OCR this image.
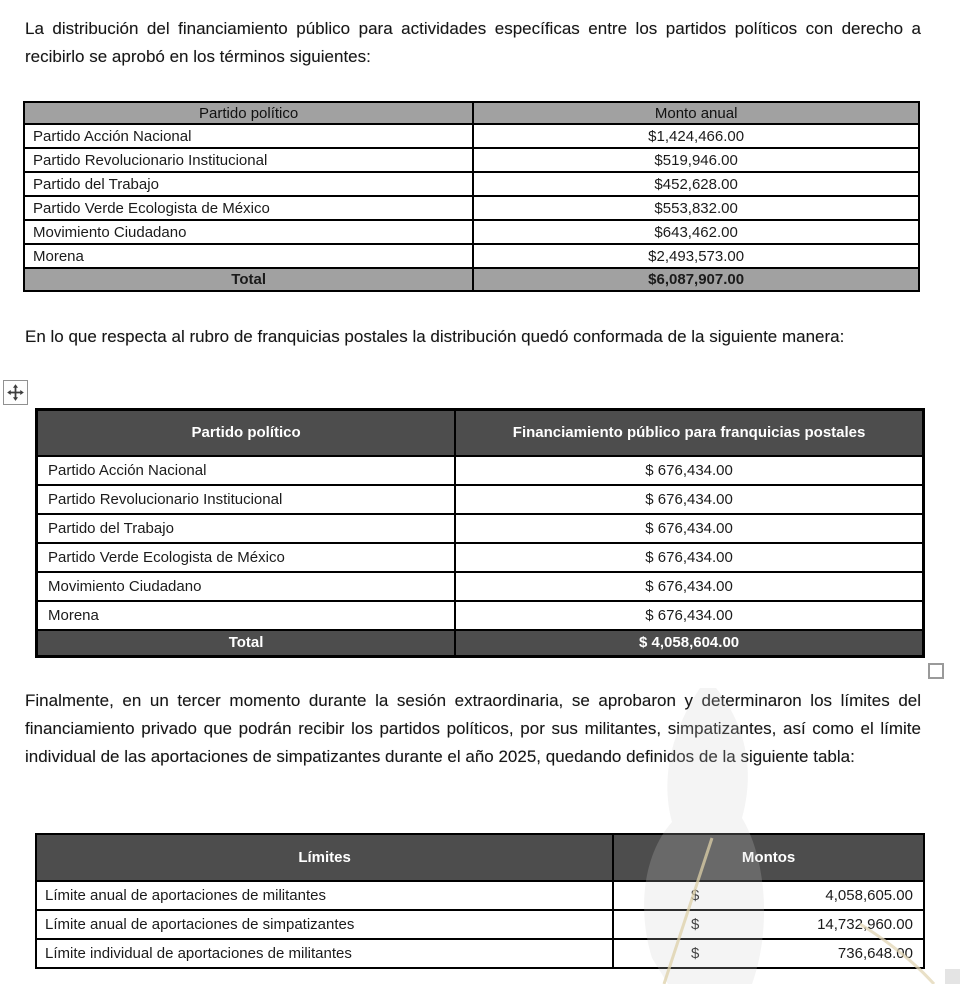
La distribución del financiamiento público para actividades específicas entre los partidos políticos con derecho a recibirlo se aprobó en los términos siguientes:

En lo que respecta al rubro de franquicias postales la distribución quedó conformada de la siguiente manera:

Finalmente, en un tercer momento durante la sesión extraordinaria, se aprobaron y determinaron los límites del financiamiento privado que podrán recibir los partidos políticos, por sus militantes, simpatizantes, así como el límite individual de las aportaciones de simpatizantes durante el año 2025, quedando definidos de la siguiente tabla:

Partido político	Monto anual
Partido Acción Nacional	$1,424,466.00
Partido Revolucionario Institucional	$519,946.00
Partido del Trabajo	$452,628.00
Partido Verde Ecologista de México	$553,832.00
Movimiento Ciudadano	$643,462.00
Morena	$2,493,573.00
Total	$6,087,907.00
Partido político	Financiamiento público para franquicias postales
Partido Acción Nacional	$ 676,434.00
Partido Revolucionario Institucional	$ 676,434.00
Partido del Trabajo	$ 676,434.00
Partido Verde Ecologista de México	$ 676,434.00
Movimiento Ciudadano	$ 676,434.00
Morena	$ 676,434.00
Total	$ 4,058,604.00
Límites	Montos
Límite anual de aportaciones de militantes	$ 4,058,605.00

Límite anual de aportaciones de simpatizantes	$ 14,732,960.00

Límite individual de aportaciones de militantes	$ 736,648.00
